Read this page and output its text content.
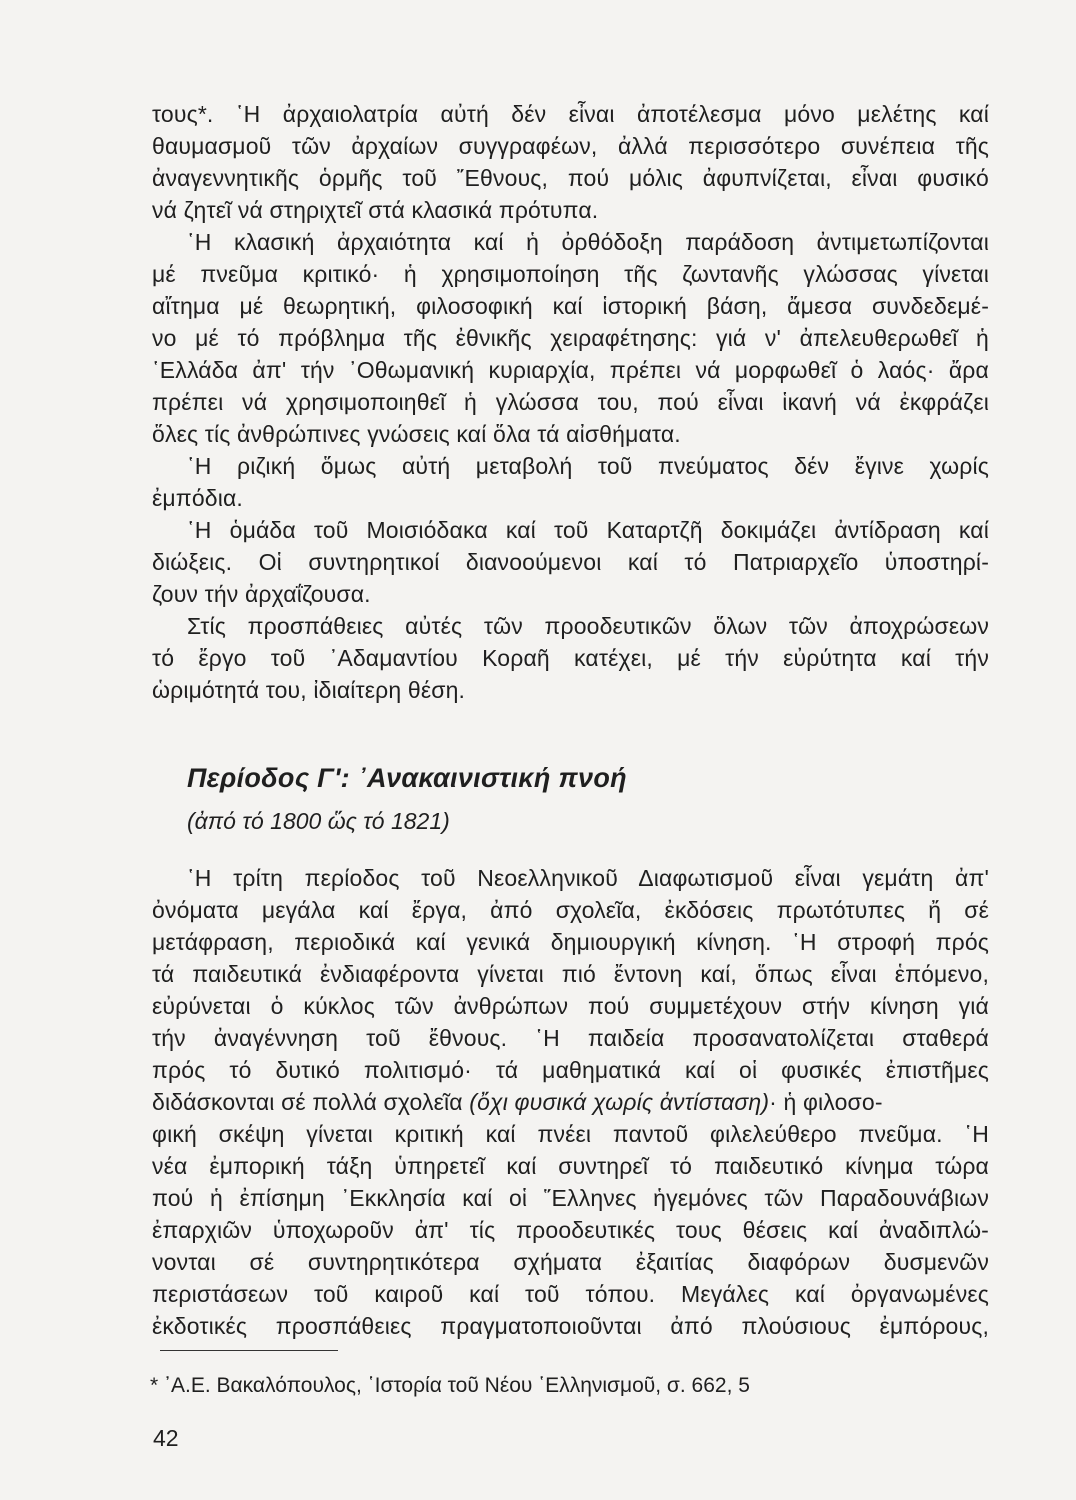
τους*. ῾Η ἀρχαιολατρία αὐτή δέν εἶναι ἀποτέλεσμα μόνο μελέτης καί
θαυμασμοῦ τῶν ἀρχαίων συγγραφέων, ἀλλά περισσότερο συνέπεια τῆς
ἀναγεννητικῆς ὁρμῆς τοῦ ῎Εθνους, πού μόλις ἀφυπνίζεται, εἶναι φυσικό
νά ζητεῖ νά στηριχτεῖ στά κλασικά πρότυπα.
῾Η κλασική ἀρχαιότητα καί ἡ ὀρθόδοξη παράδοση ἀντιμετωπίζονται
μέ πνεῦμα κριτικό· ἡ χρησιμοποίηση τῆς ζωντανῆς γλώσσας γίνεται
αἴτημα μέ θεωρητική, φιλοσοφική καί ἱστορική βάση, ἄμεσα συνδεδεμέ-
νο μέ τό πρόβλημα τῆς ἐθνικῆς χειραφέτησης: γιά ν' ἀπελευθερωθεῖ ἡ
῾Ελλάδα ἀπ' τήν ᾿Οθωμανική κυριαρχία, πρέπει νά μορφωθεῖ ὁ λαός· ἄρα
πρέπει νά χρησιμοποιηθεῖ ἡ γλώσσα του, πού εἶναι ἱκανή νά ἐκφράζει
ὅλες τίς ἀνθρώπινες γνώσεις καί ὅλα τά αἰσθήματα.
῾Η ριζική ὅμως αὐτή μεταβολή τοῦ πνεύματος δέν ἔγινε χωρίς
ἐμπόδια.
῾Η ὁμάδα τοῦ Μοισιόδακα καί τοῦ Καταρτζῆ δοκιμάζει ἀντίδραση καί
διώξεις. Οἱ συντηρητικοί διανοούμενοι καί τό Πατριαρχεῖο ὑποστηρί-
ζουν τήν ἀρχαΐζουσα.
Στίς προσπάθειες αὐτές τῶν προοδευτικῶν ὅλων τῶν ἀποχρώσεων
τό ἔργο τοῦ ᾿Αδαμαντίου Κοραῆ κατέχει, μέ τήν εὐρύτητα καί τήν
ὡριμότητά του, ἰδιαίτερη θέση.
Περίοδος Γ': ᾿Ανακαινιστική πνοή
(ἀπό τό 1800 ὥς τό 1821)
῾Η τρίτη περίοδος τοῦ Νεοελληνικοῦ Διαφωτισμοῦ εἶναι γεμάτη ἀπ'
ὀνόματα μεγάλα καί ἔργα, ἀπό σχολεῖα, ἐκδόσεις πρωτότυπες ἤ σέ
μετάφραση, περιοδικά καί γενικά δημιουργική κίνηση. ῾Η στροφή πρός
τά παιδευτικά ἐνδιαφέροντα γίνεται πιό ἔντονη καί, ὅπως εἶναι ἑπόμενο,
εὐρύνεται ὁ κύκλος τῶν ἀνθρώπων πού συμμετέχουν στήν κίνηση γιά
τήν ἀναγέννηση τοῦ ἔθνους. ῾Η παιδεία προσανατολίζεται σταθερά
πρός τό δυτικό πολιτισμό· τά μαθηματικά καί οἱ φυσικές ἐπιστῆμες
διδάσκονται σέ πολλά σχολεῖα (ὄχι φυσικά χωρίς ἀντίσταση)· ἡ φιλοσο-
φική σκέψη γίνεται κριτική καί πνέει παντοῦ φιλελεύθερο πνεῦμα. ῾Η
νέα ἐμπορική τάξη ὑπηρετεῖ καί συντηρεῖ τό παιδευτικό κίνημα τώρα
πού ἡ ἐπίσημη ᾿Εκκλησία καί οἱ ῞Ελληνες ἡγεμόνες τῶν Παραδουνάβιων
ἐπαρχιῶν ὑποχωροῦν ἀπ' τίς προοδευτικές τους θέσεις καί ἀναδιπλώ-
νονται σέ συντηρητικότερα σχήματα ἐξαιτίας διαφόρων δυσμενῶν
περιστάσεων τοῦ καιροῦ καί τοῦ τόπου. Μεγάλες καί ὀργανωμένες
ἐκδοτικές προσπάθειες πραγματοποιοῦνται ἀπό πλούσιους ἐμπόρους,
* ᾿Α.Ε. Βακαλόπουλος, ῾Ιστορία τοῦ Νέου ῾Ελληνισμοῦ, σ. 662, 5
42
